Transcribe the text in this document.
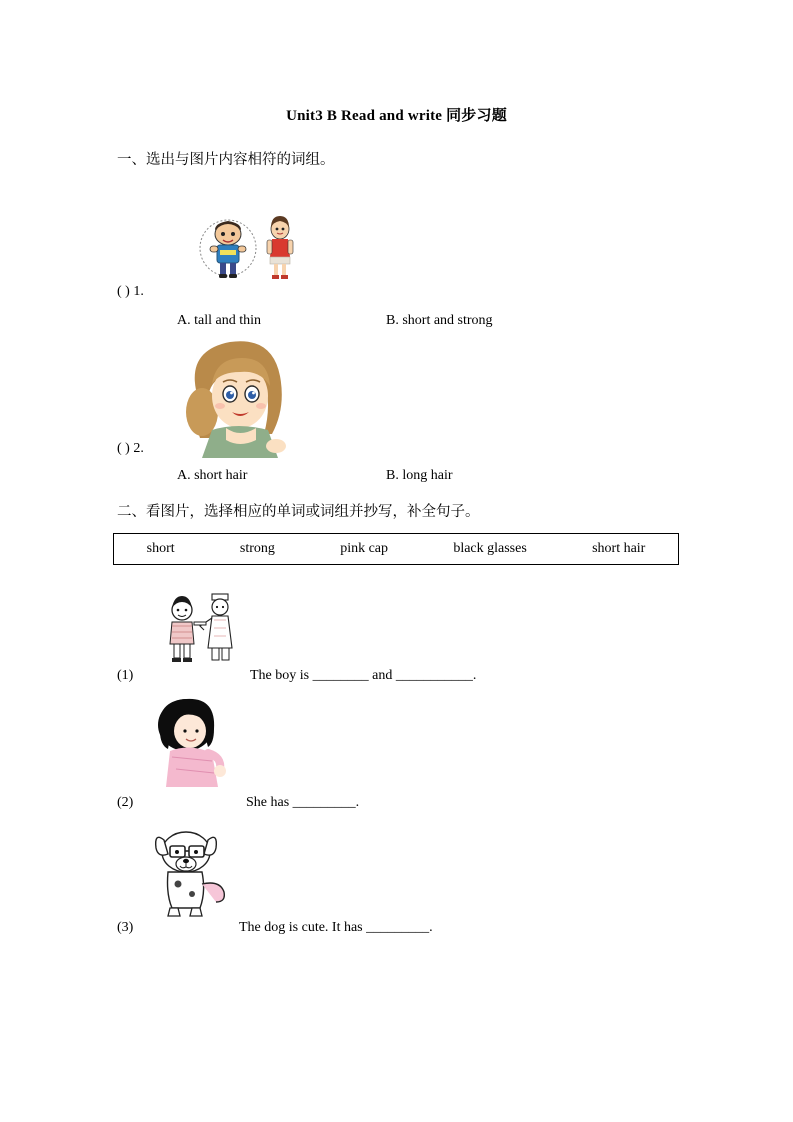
Unit3 B Read and write 同步习题
一、选出与图片内容相符的词组。
( ) 1.
A. tall and thin	B. short and strong
( ) 2.
A. short hair	B. long hair
二、看图片，选择相应的单词或词组并抄写，补全句子。
short	strong	pink cap	black glasses	short hair
(1)	The boy is ________ and ___________.
(2)	She has _________.
(3)	The dog is cute. It has _________.
